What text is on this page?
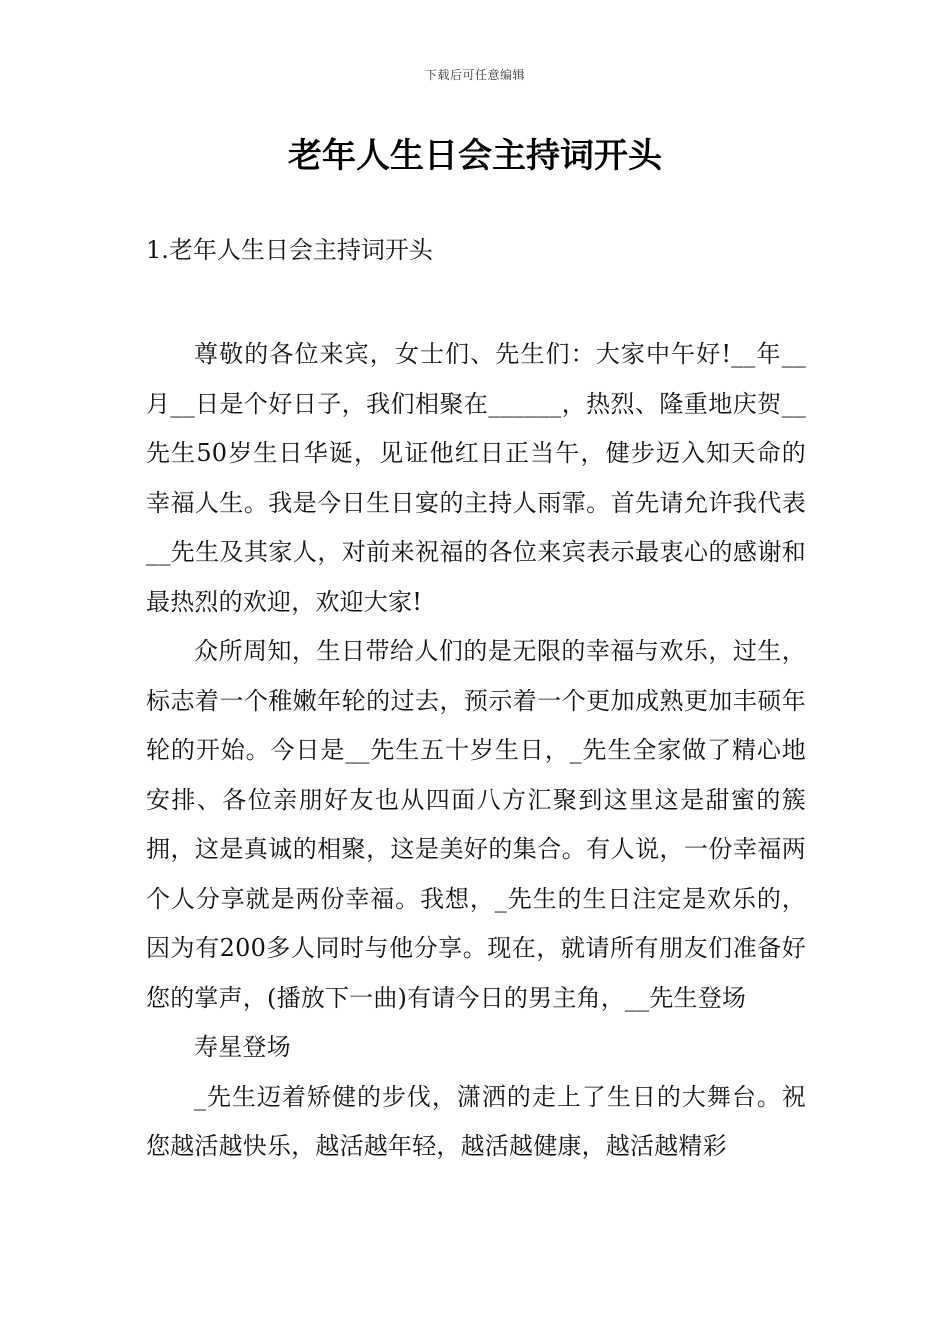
下载后可任意编辑
老年人生日会主持词开头
1.老年人生日会主持词开头

尊敬的各位来宾，女士们、先生们：大家中午好!__年__月__日是个好日子，我们相聚在______，热烈、隆重地庆贺__先生50岁生日华诞，见证他红日正当午，健步迈入知天命的幸福人生。我是今日生日宴的主持人雨霏。首先请允许我代表__先生及其家人，对前来祝福的各位来宾表示最衷心的感谢和最热烈的欢迎，欢迎大家!

众所周知，生日带给人们的是无限的幸福与欢乐，过生，标志着一个稚嫩年轮的过去，预示着一个更加成熟更加丰硕年轮的开始。今日是__先生五十岁生日，_先生全家做了精心地安排、各位亲朋好友也从四面八方汇聚到这里这是甜蜜的簇拥，这是真诚的相聚，这是美好的集合。有人说，一份幸福两个人分享就是两份幸福。我想，_先生的生日注定是欢乐的，因为有200多人同时与他分享。现在，就请所有朋友们准备好您的掌声，(播放下一曲)有请今日的男主角，__先生登场

寿星登场

_先生迈着矫健的步伐，潇洒的走上了生日的大舞台。祝您越活越快乐，越活越年轻，越活越健康，越活越精彩
